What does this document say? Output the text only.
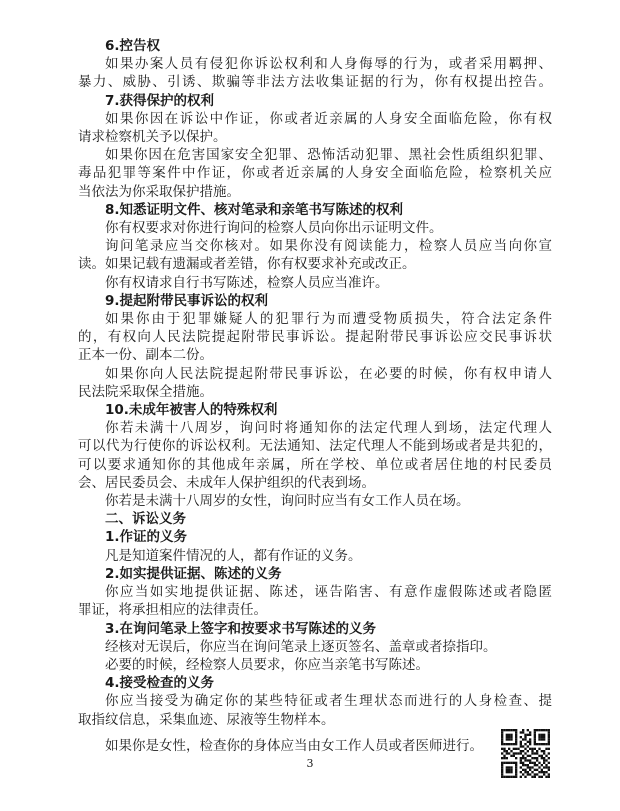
6.控告权
如果办案人员有侵犯你诉讼权利和人身侮辱的行为，或者采用羁押、
暴力、威胁、引诱、欺骗等非法方法收集证据的行为，你有权提出控告。
7.获得保护的权利
如果你因在诉讼中作证，你或者近亲属的人身安全面临危险，你有权
请求检察机关予以保护。
如果你因在危害国家安全犯罪、恐怖活动犯罪、黑社会性质组织犯罪、
毒品犯罪等案件中作证，你或者近亲属的人身安全面临危险，检察机关应
当依法为你采取保护措施。
8.知悉证明文件、核对笔录和亲笔书写陈述的权利
你有权要求对你进行询问的检察人员向你出示证明文件。
询问笔录应当交你核对。如果你没有阅读能力，检察人员应当向你宣
读。如果记载有遗漏或者差错，你有权要求补充或改正。
你有权请求自行书写陈述，检察人员应当准许。
9.提起附带民事诉讼的权利
如果你由于犯罪嫌疑人的犯罪行为而遭受物质损失，符合法定条件
的，有权向人民法院提起附带民事诉讼。提起附带民事诉讼应交民事诉状
正本一份、副本二份。
如果你向人民法院提起附带民事诉讼，在必要的时候，你有权申请人
民法院采取保全措施。
10.未成年被害人的特殊权利
你若未满十八周岁，询问时将通知你的法定代理人到场，法定代理人
可以代为行使你的诉讼权利。无法通知、法定代理人不能到场或者是共犯的，
可以要求通知你的其他成年亲属，所在学校、单位或者居住地的村民委员
会、居民委员会、未成年人保护组织的代表到场。
你若是未满十八周岁的女性，询问时应当有女工作人员在场。
二、诉讼义务
1.作证的义务
凡是知道案件情况的人，都有作证的义务。
2.如实提供证据、陈述的义务
你应当如实地提供证据、陈述，诬告陷害、有意作虚假陈述或者隐匿
罪证，将承担相应的法律责任。
3.在询问笔录上签字和按要求书写陈述的义务
经核对无误后，你应当在询问笔录上逐页签名、盖章或者捺指印。
必要的时候，经检察人员要求，你应当亲笔书写陈述。
4.接受检查的义务
你应当接受为确定你的某些特征或者生理状态而进行的人身检查、提
取指纹信息，采集血迹、尿液等生物样本。
如果你是女性，检查你的身体应当由女工作人员或者医师进行。
3
